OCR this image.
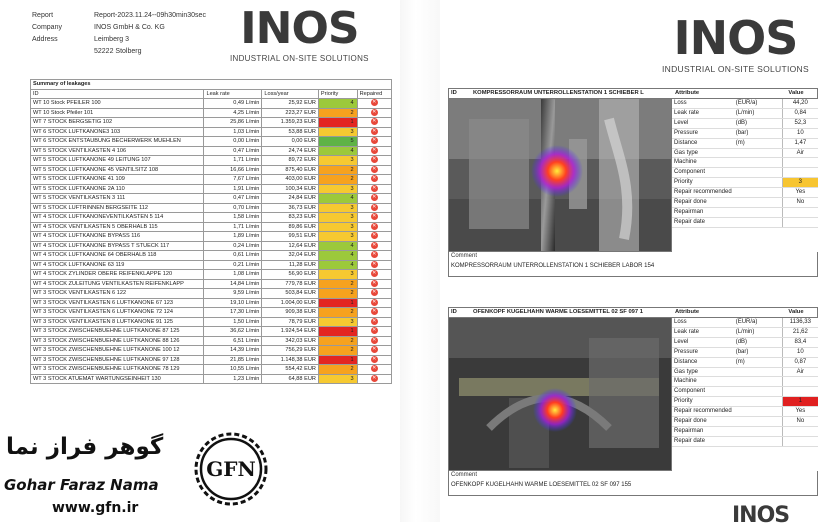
Report	Report-2023.11.24--09h30min30sec
Company	INOS GmbH & Co. KG
Address	Leimberg 3
52222 Stolberg INOS
INDUSTRIAL ON-SITE SOLUTIONS
Summary of leakages				
ID	Leak rate	Loss/year	Priority	Repaired
WT 10 Stock PFEILER 100	0,49 L/min	25,92 EUR	4	✕
WT 10 Stock Pfeiler 101	4,25 L/min	223,27 EUR	2	✕
WT 7 STOCK BERGSETIG 102	25,86 L/min	1.359,23 EUR	1	✕
WT 6 STOCK LUFTKANONE3 103	1,03 L/min	53,88 EUR	3	✕
WT 6 STOCK ENTSTAUBUNG BECHERWERK MUEHLEN	0,00 L/min	0,00 EUR	5	✕
WT 5 STOCK VENTILKASTEN 4 106	0,47 L/min	24,74 EUR	4	✕
WT 5 STOCK LUFTKANONE 49 LEITUNG 107	1,71 L/min	89,72 EUR	3	✕
WT 5 STOCK LUFTKANONE 45 VENTILSITZ 108	16,66 L/min	875,40 EUR	2	✕
WT 5 STOCK LUFTKANONE 41 109	7,67 L/min	403,00 EUR	2	✕
WT 5 STOCK LUFTKANONE 2A 110	1,91 L/min	100,34 EUR	3	✕
WT 5 STOCK VENTILKASTEN 3 111	0,47 L/min	24,84 EUR	4	✕
WT 5 STOCK LUFTRINNEN BERGSEITE 112	0,70 L/min	36,73 EUR	3	✕
WT 4 STOCK LUFTKANONEVENTILKASTEN 5 114	1,58 L/min	83,23 EUR	3	✕
WT 4 STOCK VENTILKASTEN 5 OBERHALB 115	1,71 L/min	89,86 EUR	3	✕
WT 4 STOCK LUFTKANONE BYPASS 116	1,89 L/min	99,51 EUR	3	✕
WT 4 STOCK LUFTKANONE BYPASS T STUECK 117	0,24 L/min	12,64 EUR	4	✕
WT 4 STOCK LUFTKANONE 64 OBERHALB 118	0,61 L/min	32,04 EUR	4	✕
WT 4 STOCK LUFTKANONE 63 119	0,21 L/min	11,28 EUR	4	✕
WT 4 STOCK ZYLINDER OBERE REIFENKLAPPE 120	1,08 L/min	56,90 EUR	3	✕
WT 4 STOCK ZULEITUNG VENTILKASTEN REIFENKLAPP	14,84 L/min	779,78 EUR	2	✕
WT 3 STOCK VENTILKASTEN 6 122	9,59 L/min	503,84 EUR	2	✕
WT 3 STOCK VENTILKASTEN 6 LUFTKANONE 67 123	19,10 L/min	1.004,00 EUR	1	✕
WT 3 STOCK VENTILKASTEN 6 LUFTKANONE 72 124	17,30 L/min	909,38 EUR	2	✕
WT 3 STOCK VENTILKASTEN 8 LUFTKANONE 91 125	1,50 L/min	78,79 EUR	3	✕
WT 3 STOCK ZWISCHENBUEHNE LUFTKANONE 87 125	36,62 L/min	1.924,54 EUR	1	✕
WT 3 STOCK ZWISCHENBUEHNE LUFTKANONE 88 126	6,51 L/min	342,03 EUR	2	✕
WT 3 STOCK ZWISCHENBUEHNE LUFTKANONE 100 12	14,39 L/min	756,29 EUR	2	✕
WT 3 STOCK ZWISCHENBUEHNE LUFTKANONE 97 128	21,85 L/min	1.148,38 EUR	1	✕
WT 3 STOCK ZWISCHENBUEHNE LUFTKANONE 78 129	10,55 L/min	554,42 EUR	2	✕
WT 3 STOCK ATUEMAT WARTUNGSEINHEIT 130	1,23 L/min	64,88 EUR	3	✕
INOS
INDUSTRIAL ON-SITE SOLUTIONS
ID	KOMPRESSORRAUM UNTERROLLENSTATION 1 SCHIEBER L	Attribute	Value
Loss	(EUR/a)	44,20
Leak rate	(L/min)	0,84
Level	(dB)	52,3
Pressure	(bar)	10
Distance	(m)	1,47
Gas type		Air
Machine		
Component		
Priority		3
Repair recommended		Yes
Repair done		No
Repairman		
Repair date		
Comment
KOMPRESSORRAUM UNTERROLLENSTATION 1 SCHIEBER LABOR 154
ID	OFENKOPF KUGELHAHN WARME LOESEMITTEL 02 SF 097 1	Attribute	Value
Loss	(EUR/a)	1136,33
Leak rate	(L/min)	21,62
Level	(dB)	83,4
Pressure	(bar)	10
Distance	(m)	0,87
Gas type		Air
Machine		
Component		
Priority		1
Repair recommended		Yes
Repair done		No
Repairman		
Repair date		
Comment
OFENKOPF KUGELHAHN WARME LOESEMITTEL 02 SF 097 155
گوهر فراز نما
Gohar Faraz Nama
www.gfn.ir
GFN
INOS
